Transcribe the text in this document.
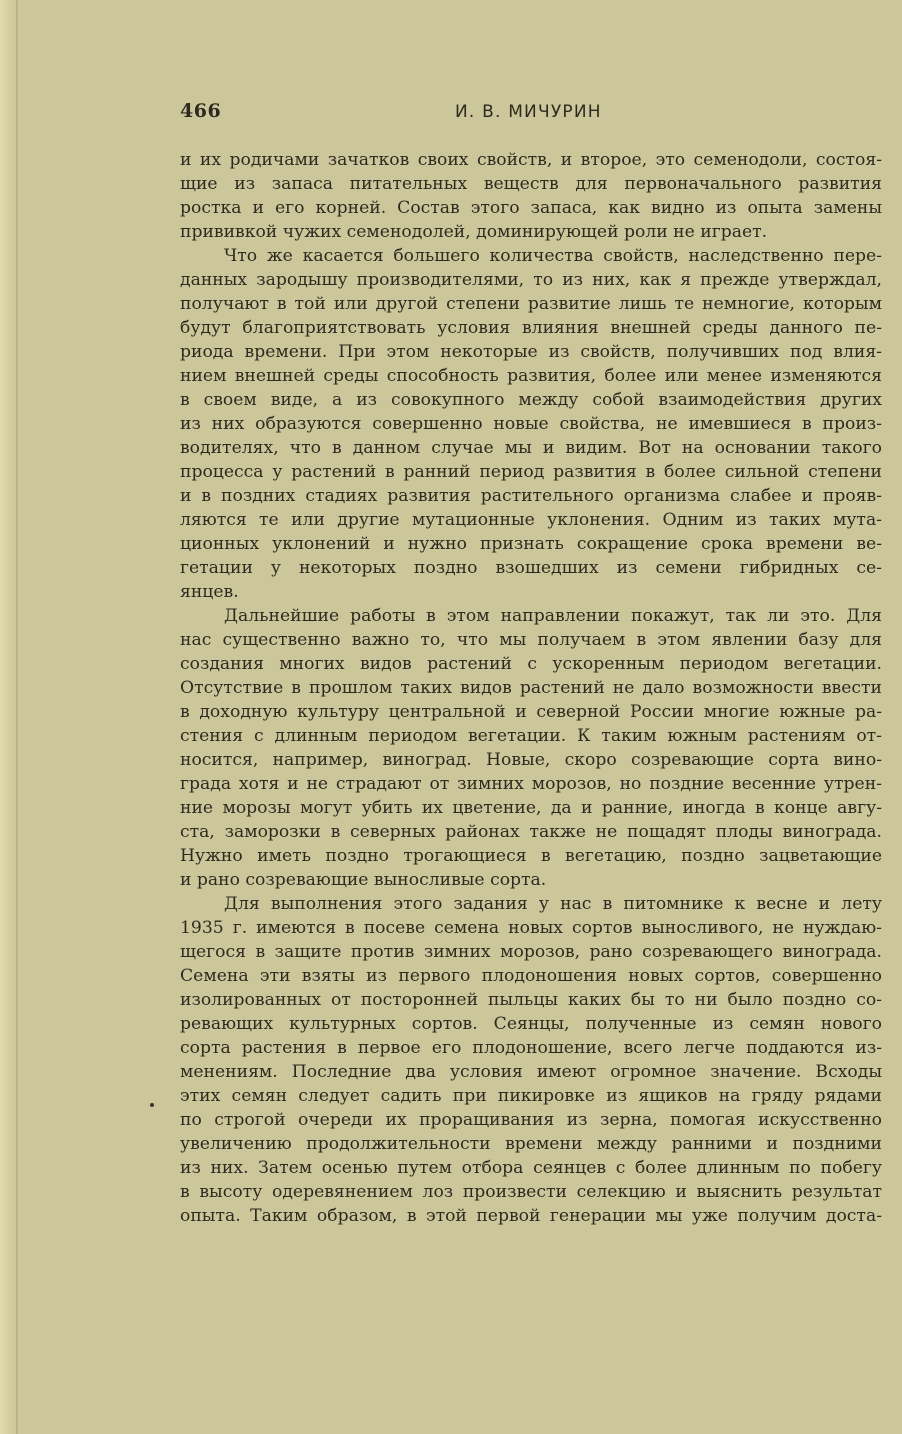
466	И. В. МИЧУРИН
и их родичами зачатков своих свойств, и второе, это семенодоли, состоя-
щие из запаса питательных веществ для первоначального развития
ростка и его корней. Состав этого запаса, как видно из опыта замены
прививкой чужих семенодолей, доминирующей роли не играет.
Что же касается большего количества свойств, наследственно пере-
данных зародышу производителями, то из них, как я прежде утверждал,
получают в той или другой степени развитие лишь те немногие, которым
будут благоприятствовать условия влияния внешней среды данного пе-
риода времени. При этом некоторые из свойств, получивших под влия-
нием внешней среды способность развития, более или менее изменяются
в своем виде, а из совокупного между собой взаимодействия других
из них образуются совершенно новые свойства, не имевшиеся в произ-
водителях, что в данном случае мы и видим. Вот на основании такого
процесса у растений в ранний период развития в более сильной степени
и в поздних стадиях развития растительного организма слабее и прояв-
ляются те или другие мутационные уклонения. Одним из таких мута-
ционных уклонений и нужно признать сокращение срока времени ве-
гетации у некоторых поздно взошедших из семени гибридных се-
янцев.
Дальнейшие работы в этом направлении покажут, так ли это. Для
нас существенно важно то, что мы получаем в этом явлении базу для
создания многих видов растений с ускоренным периодом вегетации.
Отсутствие в прошлом таких видов растений не дало возможности ввести
в доходную культуру центральной и северной России многие южные ра-
стения с длинным периодом вегетации. К таким южным растениям от-
носится, например, виноград. Новые, скоро созревающие сорта вино-
града хотя и не страдают от зимних морозов, но поздние весенние утрен-
ние морозы могут убить их цветение, да и ранние, иногда в конце авгу-
ста, заморозки в северных районах также не пощадят плоды винограда.
Нужно иметь поздно трогающиеся в вегетацию, поздно зацветающие
и рано созревающие выносливые сорта.
Для выполнения этого задания у нас в питомнике к весне и лету
1935 г. имеются в посеве семена новых сортов выносливого, не нуждаю-
щегося в защите против зимних морозов, рано созревающего винограда.
Семена эти взяты из первого плодоношения новых сортов, совершенно
изолированных от посторонней пыльцы каких бы то ни было поздно со-
ревающих культурных сортов. Сеянцы, полученные из семян нового
сорта растения в первое его плодоношение, всего легче поддаются из-
менениям. Последние два условия имеют огромное значение. Всходы
этих семян следует садить при пикировке из ящиков на гряду рядами
по строгой очереди их проращивания из зерна, помогая искусственно
увеличению продолжительности времени между ранними и поздними
из них. Затем осенью путем отбора сеянцев с более длинным по побегу
в высоту одеревянением лоз произвести селекцию и выяснить результат
опыта. Таким образом, в этой первой генерации мы уже получим доста-
